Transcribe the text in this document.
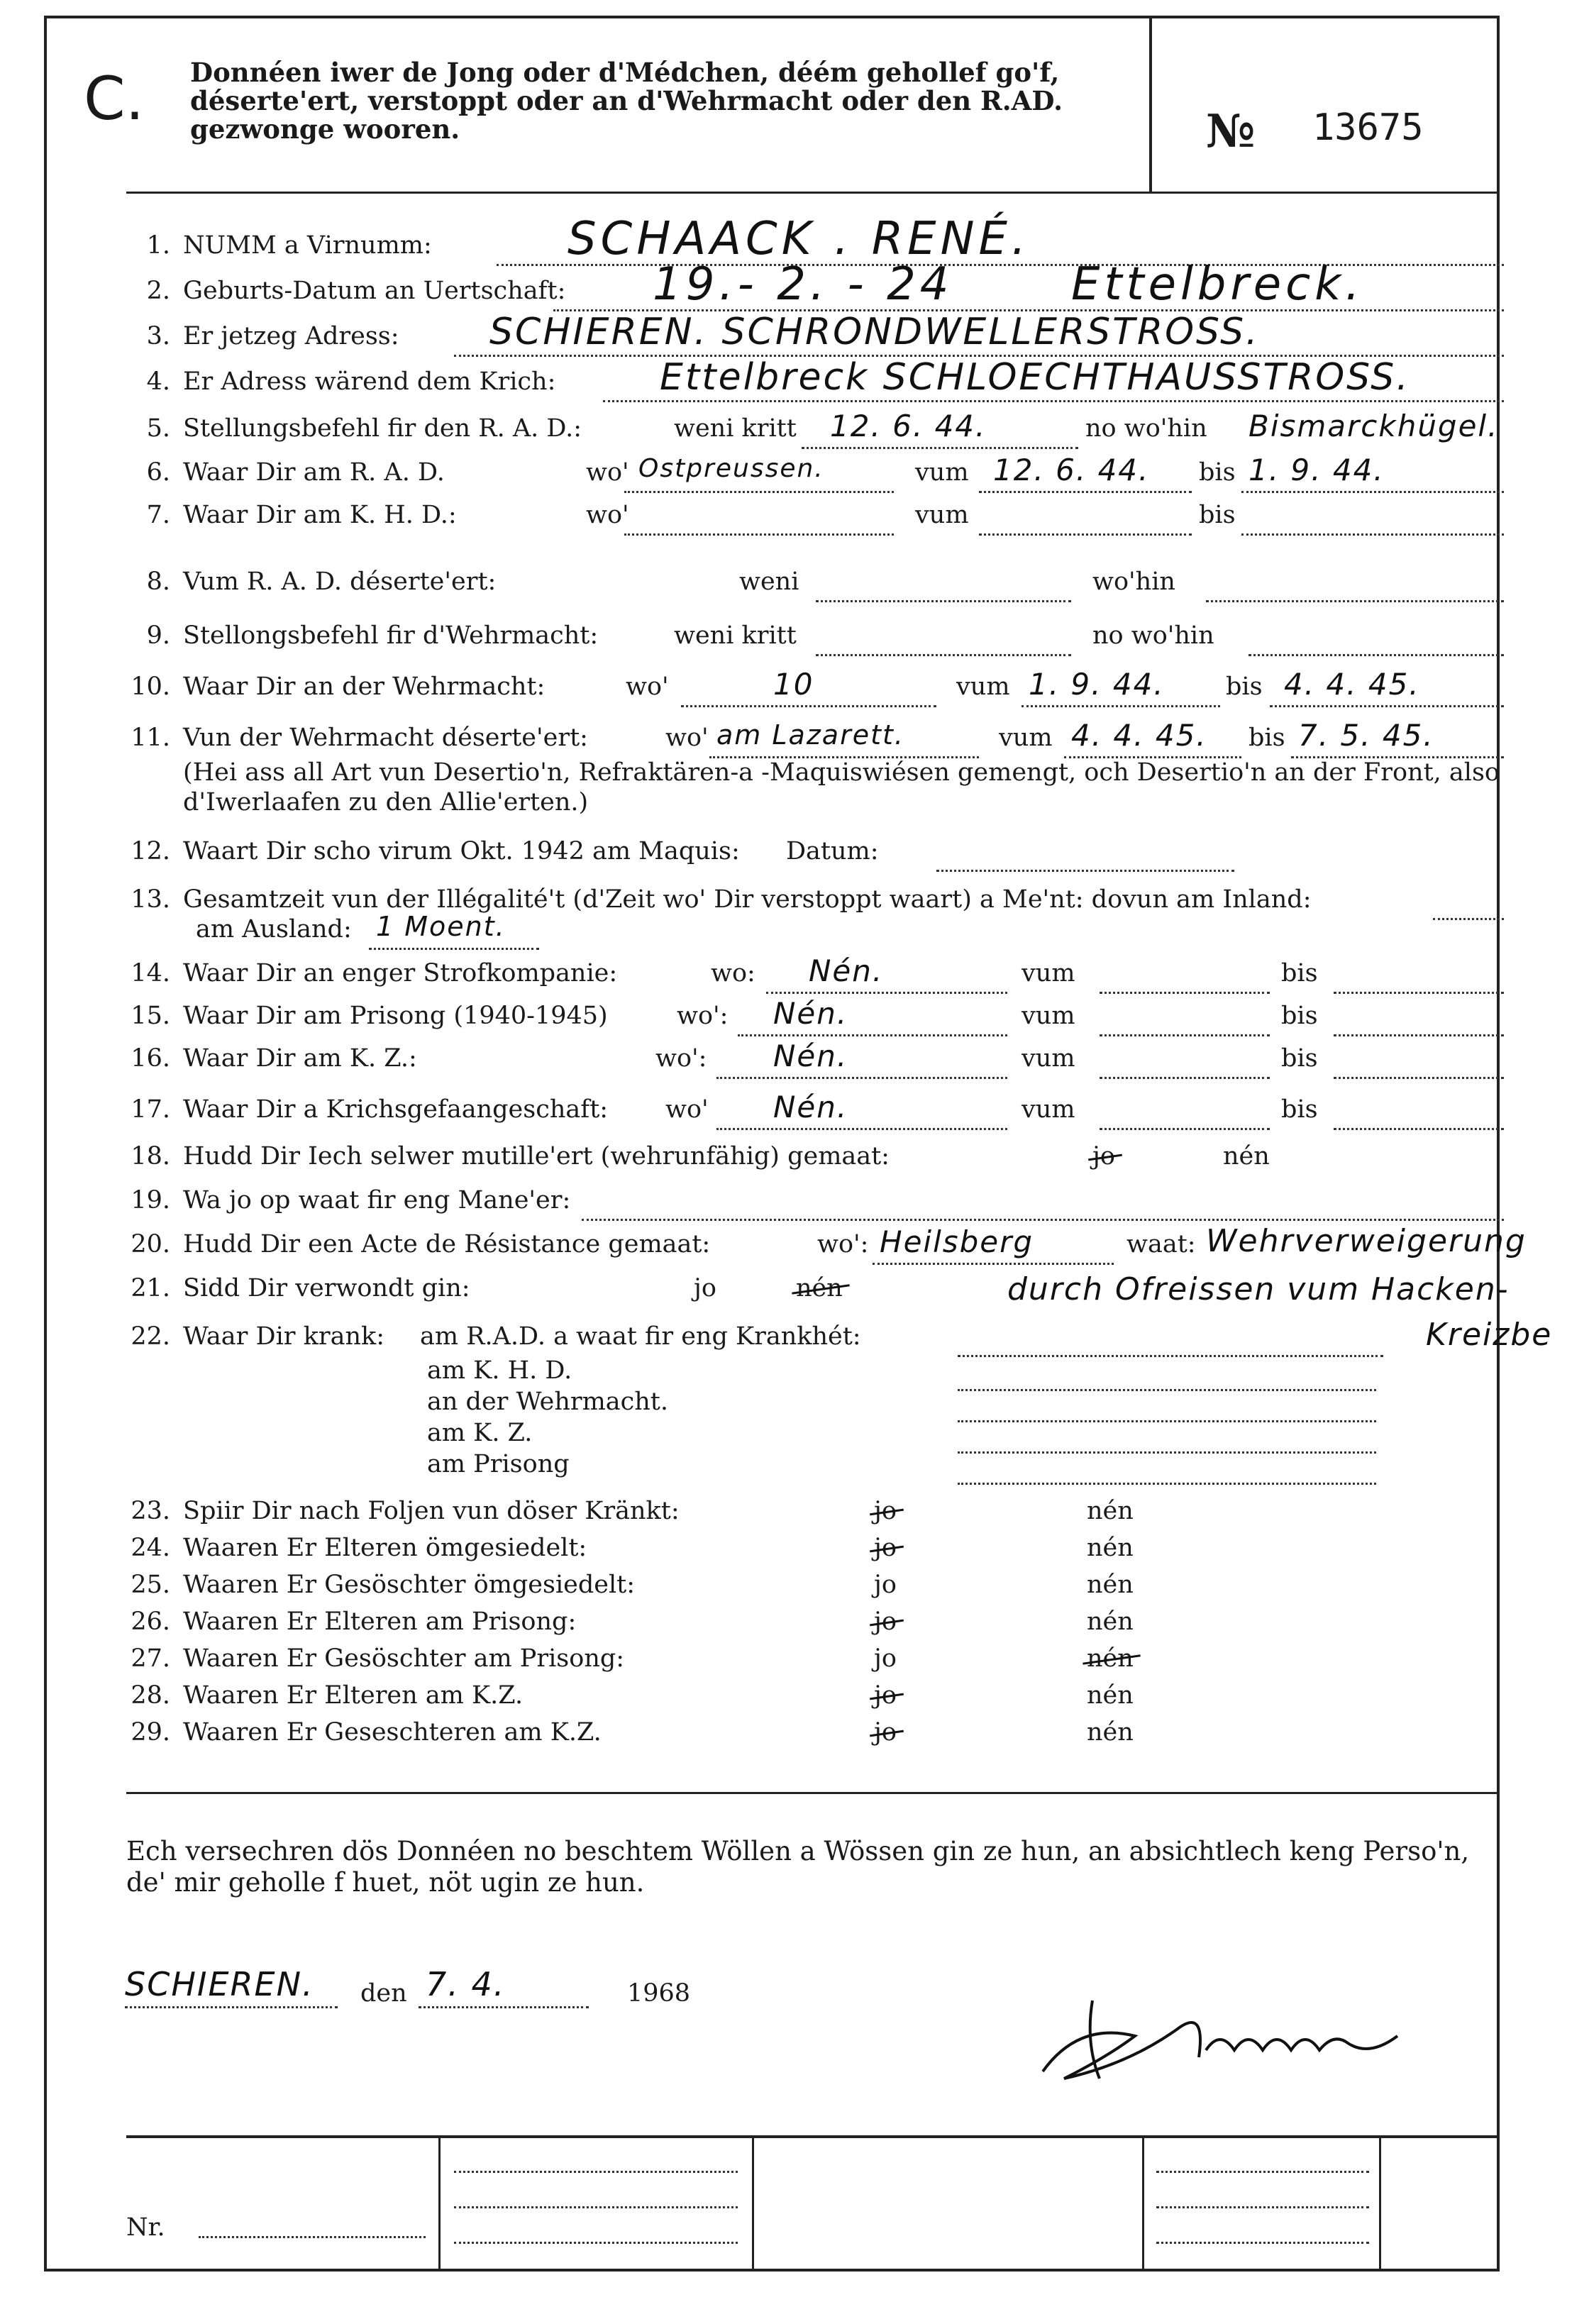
C. Donnéen iwer de Jong oder d'Médchen, déém gehollef go'f, déserte'ert, verstoppt oder an d'Wehrmacht oder den R.AD. gezwonge wooren.	№ 13675
1. NUMM a Virnumm:	SCHAACK . RENÉ.
2. Geburts-Datum an Uertschaft: 19.- 2. - 24	Ettelbreck.
3. Er jetzeg Adress: SCHIEREN. SCHRONDWELLERSTROSS.
4. Er Adress wärend dem Krich:	Ettelbreck SCHLOECHTHAUSSTROSS.
5. Stellungsbefehl fir den R. A. D.:	weni kritt 12. 6. 44.	no wo'hin Bismarckhügel.
6. Waar Dir am R. A. D.	wo' Ostpreussen.	vum 12. 6. 44. bis 1. 9. 44.
7. Waar Dir am K. H. D.:	wo'	vum	bis
8. Vum R. A. D. déserte'ert:	weni	wo'hin
9. Stellongsbefehl fir d'Wehrmacht:	weni kritt	no wo'hin
10. Waar Dir an der Wehrmacht:	wo'	10	vum 1. 9. 44. bis 4. 4. 45.
11. Vun der Wehrmacht déserte'ert:	wo' am Lazarett.	vum 4. 4. 45. bis 7. 5. 45.
(Hei ass all Art vun Desertio'n, Refraktären-a -Maquiswiésen gemengt, och Desertio'n an der Front, also d'Iwerlaafen zu den Allie'erten.)
12. Waart Dir scho virum Okt. 1942 am Maquis: Datum:
13. Gesamtzeit vun der Illégalité't (d'Zeit wo' Dir verstoppt waart) a Me'nt: dovun am Inland:
am Ausland: 1 Moent.
14. Waar Dir an enger Strofkompanie:	wo: Nén.	vum	bis
15. Waar Dir am Prisong (1940-1945)	wo': Nén.	vum	bis
16. Waar Dir am K. Z.:	wo': Nén.	vum	bis
17. Waar Dir a Krichsgefaangeschaft: wo' Nén.	vum	bis
18. Hudd Dir Iech selwer mutille'ert (wehrunfähig) gemaat:	jo	nén
19. Wa jo op waat fir eng Mane'er:
20. Hudd Dir een Acte de Résistance gemaat:	wo': Heilsberg	waat: Wehrverweigerung
21. Sidd Dir verwondt gin:	jo	nén	durch Ofreissen vum Hacken-
Kreizbe
22. Waar Dir krank: am R.A.D. a waat fir eng Krankhét:
am K. H. D.
an der Wehrmacht.
am K. Z.
am Prisong
23. Spiir Dir nach Foljen vun döser Kränkt:	jo	nén
24. Waaren Er Elteren ömgesiedelt:	jo	nén
25. Waaren Er Gesöschter ömgesiedelt:	jo	nén
26. Waaren Er Elteren am Prisong:	jo	nén
27. Waaren Er Gesöschter am Prisong:	jo	nén
28. Waaren Er Elteren am K.Z.	jo	nén
29. Waaren Er Geseschteren am K.Z.	jo	nén
Ech versechren dös Donnéen no beschtem Wöllen a Wössen gin ze hun, an absichtlech keng Perso'n, de' mir geholle f huet, nöt ugin ze hun.
SCHIEREN. den 7. 4.	1968
Nr.
